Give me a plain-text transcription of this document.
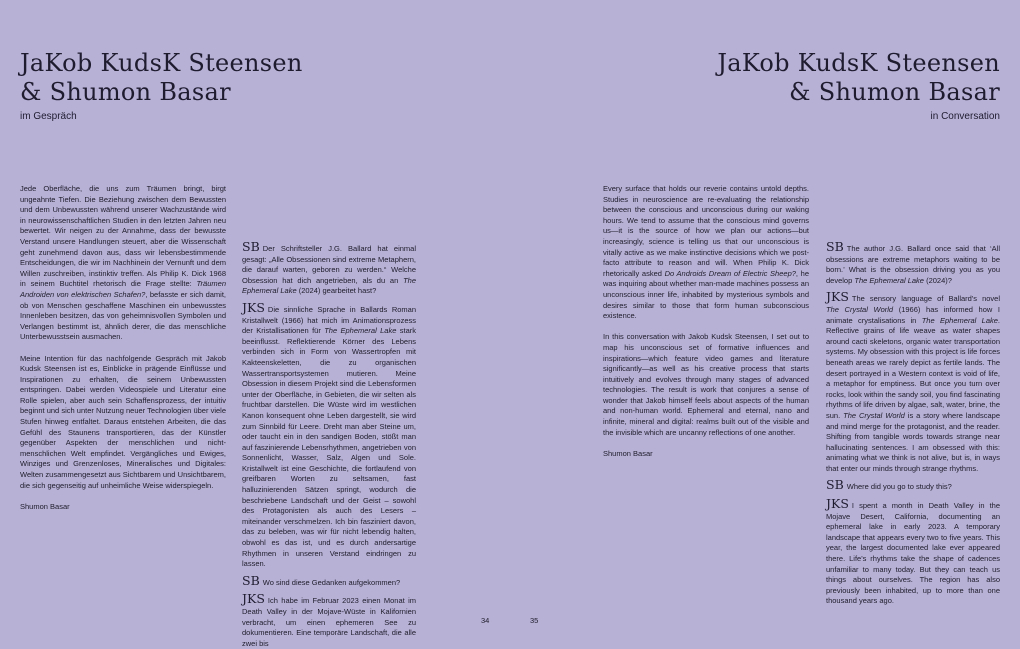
JaKob KudsK Steensen
& Shumon Basar
im Gespräch

Jede Oberfläche, die uns zum Träumen bringt, birgt ungeahnte Tiefen. Die Beziehung zwischen dem Bewussten und dem Unbewussten während unserer Wachzustände wird in neurowissenschaftlichen Studien in den letzten Jahren neu bewertet. Wir neigen zu der Annahme, dass der bewusste Verstand unsere Handlungen steuert, aber die Wissenschaft geht zunehmend davon aus, dass wir lebensbestimmende Entscheidungen, die wir im Nachhinein der Vernunft und dem Willen zuschreiben, instinktiv treffen. Als Philip K. Dick 1968 in seinem Buchtitel rhetorisch die Frage stellte: Träumen Androiden von elektrischen Schafen?, befasste er sich damit, ob von Menschen geschaffene Maschinen ein unbewusstes Innenleben besitzen, das von geheimnisvollen Symbolen und Verlangen bestimmt ist, ähnlich derer, die das menschliche Unterbewusstsein ausmachen.

Meine Intention für das nachfolgende Gespräch mit Jakob Kudsk Steensen ist es, Einblicke in prägende Einflüsse und Inspirationen zu erhalten, die seinem Unbewussten entspringen. Dabei werden Videospiele und Literatur eine Rolle spielen, aber auch sein Schaffensprozess, der intuitiv beginnt und sich unter Nutzung neuer Technologien über viele Stufen hinweg entfaltet. Daraus entstehen Arbeiten, die das Gefühl des Staunens transportieren, das der Künstler gegenüber Aspekten der menschlichen und nicht-menschlichen Welt empfindet. Vergängliches und Ewiges, Winziges und Grenzenloses, Mineralisches und Digitales: Welten zusammengesetzt aus Sichtbarem und Unsichtbarem, die sich gegenseitig auf unheimliche Weise widerspiegeln.

Shumon Basar

SB Der Schriftsteller J.G. Ballard hat einmal gesagt: „Alle Obsessionen sind extreme Metaphern, die darauf warten, geboren zu werden.“ Welche Obsession hat dich angetrieben, als du an The Ephemeral Lake (2024) gearbeitet hast?

JKS Die sinnliche Sprache in Ballards Roman Kristallwelt (1966) hat mich im Animationsprozess der Kristallisationen für The Ephemeral Lake stark beeinflusst. Reflektierende Körner des Lebens verbinden sich in Form von Wassertropfen mit Kakteenskeletten, die zu organischen Wassertransportsystemen mutieren. Meine Obsession in diesem Projekt sind die Lebensformen unter der Oberfläche, in Gebieten, die wir selten als fruchtbar darstellen. Die Wüste wird im westlichen Kanon konsequent ohne Leben dargestellt, sie wird zum Sinnbild für Leere. Dreht man aber Steine um, oder taucht ein in den sandigen Boden, stößt man auf faszinierende Lebensrhythmen, angetrieben von Sonnenlicht, Wasser, Salz, Algen und Sole. Kristallwelt ist eine Geschichte, die fortlaufend von greifbaren Worten zu seltsamen, fast halluzinierenden Sätzen springt, wodurch die beschriebene Landschaft und der Geist – sowohl des Protagonisten als auch des Lesers – miteinander verschmelzen. Ich bin fasziniert davon, das zu beleben, was wir für nicht lebendig halten, obwohl es das ist, und es durch andersartige Rhythmen in unseren Verstand eindringen zu lassen.

SB Wo sind diese Gedanken aufgekommen?

JKS Ich habe im Februar 2023 einen Monat im Death Valley in der Mojave-Wüste in Kalifornien verbracht, um einen ephemeren See zu dokumentieren. Eine temporäre Landschaft, die alle zwei bis

34	35
JaKob KudsK Steensen
& Shumon Basar
in Conversation

Every surface that holds our reverie contains untold depths. Studies in neuroscience are re-evaluating the relationship between the conscious and unconscious during our waking hours. We tend to assume that the conscious mind governs us—it is the source of how we plan our actions—but increasingly, science is telling us that our unconscious is vitally active as we make instinctive decisions which we post-facto attribute to reason and will. When Philip K. Dick rhetorically asked Do Androids Dream of Electric Sheep?, he was inquiring about whether man-made machines possess an unconscious inner life, inhabited by mysterious symbols and desires similar to those that form human subconscious existence.

In this conversation with Jakob Kudsk Steensen, I set out to map his unconscious set of formative influences and inspirations—which feature video games and literature significantly—as well as his creative process that starts intuitively and evolves through many stages of advanced technologies. The result is work that conjures a sense of wonder that Jakob himself feels about aspects of the human and non-human world. Ephemeral and eternal, nano and infinite, mineral and digital: realms built out of the visible and the invisible which are uncanny reflections of one another.

Shumon Basar

SB The author J.G. Ballard once said that ‘All obsessions are extreme metaphors waiting to be born.’ What is the obsession driving you as you develop The Ephemeral Lake (2024)?

JKS The sensory language of Ballard's novel The Crystal World (1966) has informed how I animate crystalisations in The Ephemeral Lake. Reflective grains of life weave as water shapes around cacti skeletons, organic water transportation systems. My obsession with this project is life forces beneath areas we rarely depict as fertile lands. The desert portrayed in a Western context is void of life, a metaphor for emptiness. But once you turn over rocks, look within the sandy soil, you find fascinating rhythms of life driven by algae, salt, water, brine, the sun. The Crystal World is a story where landscape and mind merge for the protagonist, and the reader. Shifting from tangible words towards strange near hallucinating sentences. I am obsessed with this: animating what we think is not alive, but is, in ways that enter our minds through strange rhythms.

SB Where did you go to study this?

JKS I spent a month in Death Valley in the Mojave Desert, California, documenting an ephemeral lake in early 2023. A temporary landscape that appears every two to five years. This year, the largest documented lake ever appeared there. Life's rhythms take the shape of cadences unfamiliar to many today. But they can teach us things about ourselves. The region has also previously been inhabited, up to more than one thousand years ago.
